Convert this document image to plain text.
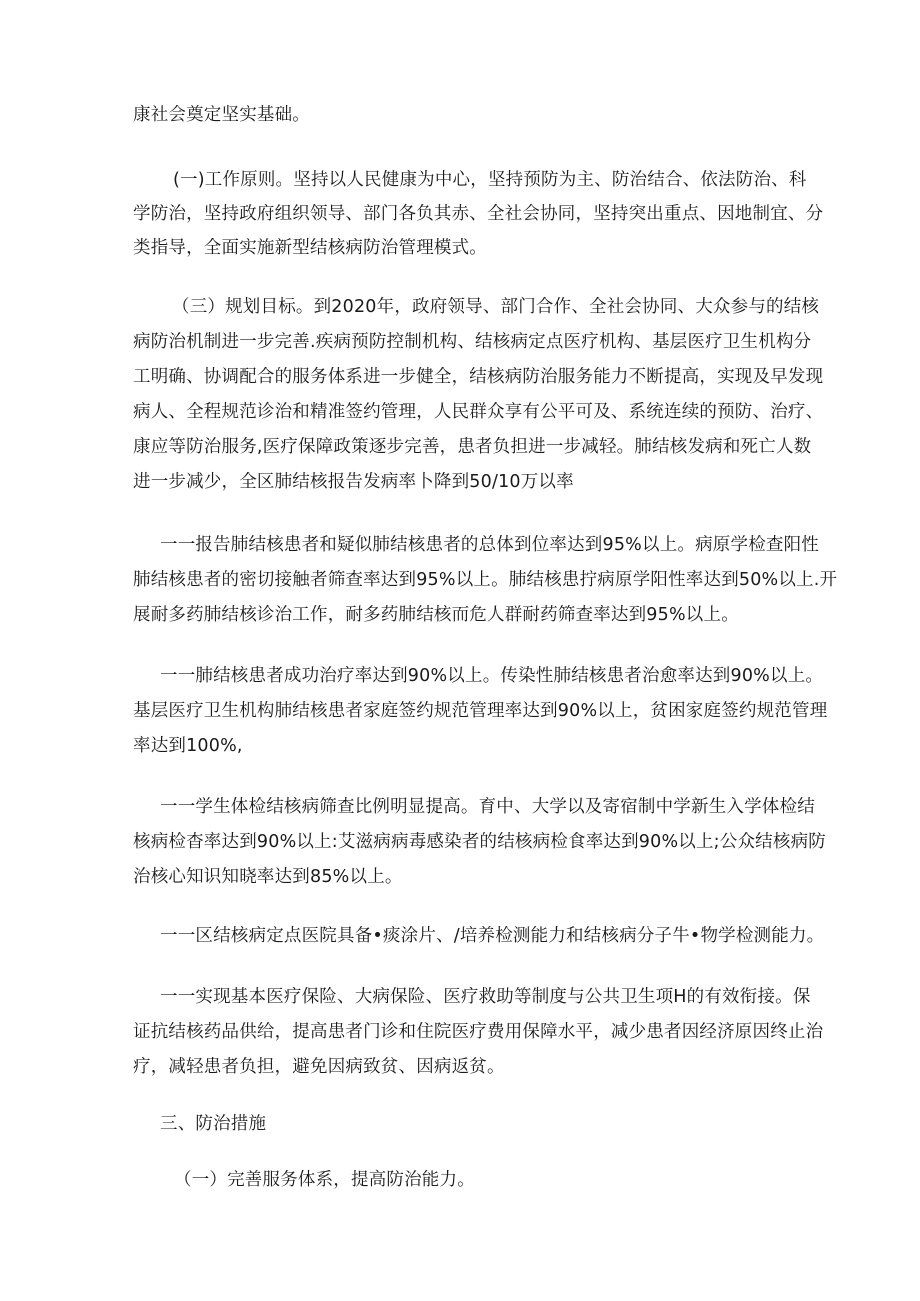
康社会奠定坚实基础。
(一)工作原则。坚持以人民健康为中心，坚持预防为主、防治结合、依法防治、科
学防治，坚持政府组织领导、部门各负其赤、全社会协同，坚持突出重点、因地制宜、分
类指导，全面实施新型结核病防治管理模式。
（三）规划目标。到2020年，政府领导、部门合作、全社会协同、大众参与的结核
病防治机制进一步完善.疾病预防控制机构、结核病定点医疗机构、基层医疗卫生机构分
工明确、协调配合的服务体系进一步健全，结核病防治服务能力不断提高，实现及早发现
病人、全程规范诊治和精准签约管理，人民群众享有公平可及、系统连续的预防、治疗、
康应等防治服务,医疗保障政策逐步完善，患者负担进一步减轻。肺结核发病和死亡人数
进一步减少，全区肺结核报告发病率卜降到50/10万以率
一一报告肺结核患者和疑似肺结核患者的总体到位率达到95%以上。病原学检查阳性
肺结核患者的密切接触者筛查率达到95%以上。肺结核患拧病原学阳性率达到50%以上.开
展耐多药肺结核诊治工作，耐多药肺结核而危人群耐药筛查率达到95%以上。
一一肺结核患者成功治疗率达到90%以上。传染性肺结核患者治愈率达到90%以上。
基层医疗卫生机构肺结核患者家庭签约规范管理率达到90%以上，贫困家庭签约规范管理
率达到100%,
一一学生体检结核病筛查比例明显提高。育中、大学以及寄宿制中学新生入学体检结
核病检杳率达到90%以上:艾滋病病毒感染者的结核病检食率达到90%以上;公众结核病防
治核心知识知晓率达到85%以上。
一一区结核病定点医院具备•痰涂片、/培养检测能力和结核病分子牛•物学检测能力。
一一实现基本医疗保险、大病保险、医疗救助等制度与公共卫生项H的有效衔接。保
证抗结核药品供给，提高患者门诊和住院医疗费用保障水平，减少患者因经济原因终止治
疗，减轻患者负担，避免因病致贫、因病返贫。
三、防治措施
（一）完善服务体系，提高防治能力。
